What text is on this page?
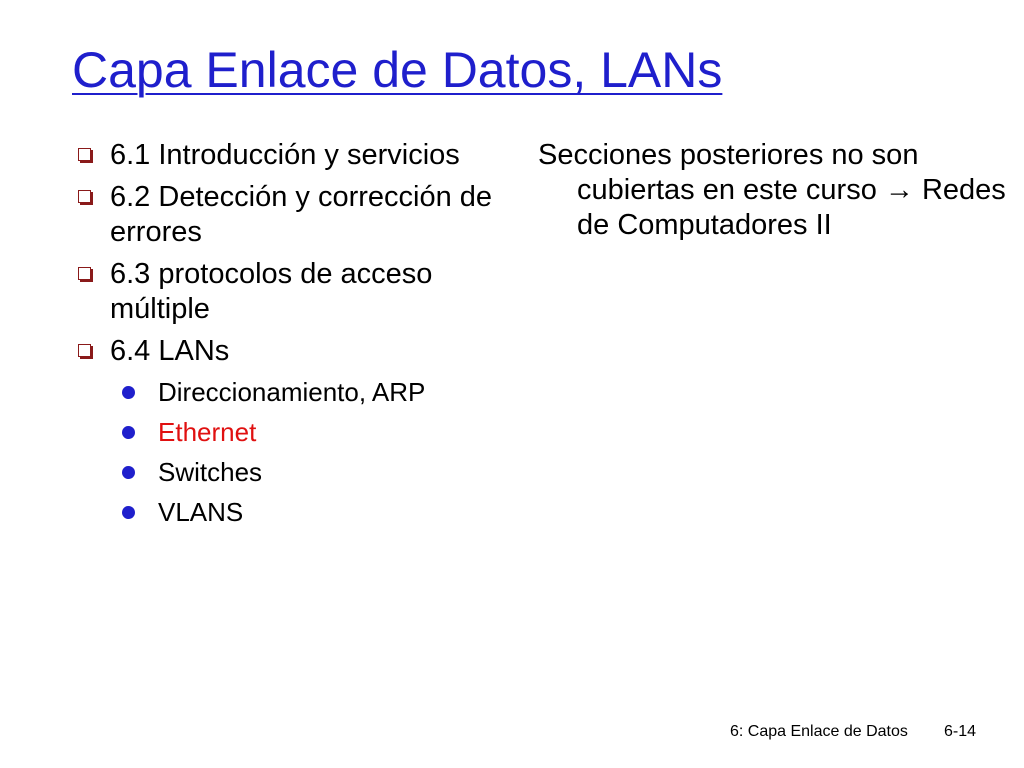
Capa Enlace de Datos, LANs
6.1 Introducción y servicios
6.2 Detección y corrección de errores
6.3 protocolos de acceso múltiple
6.4 LANs
Direccionamiento, ARP
Ethernet
Switches
VLANS
Secciones posteriores no son cubiertas en este curso → Redes de Computadores II
6: Capa Enlace de Datos 6-14
